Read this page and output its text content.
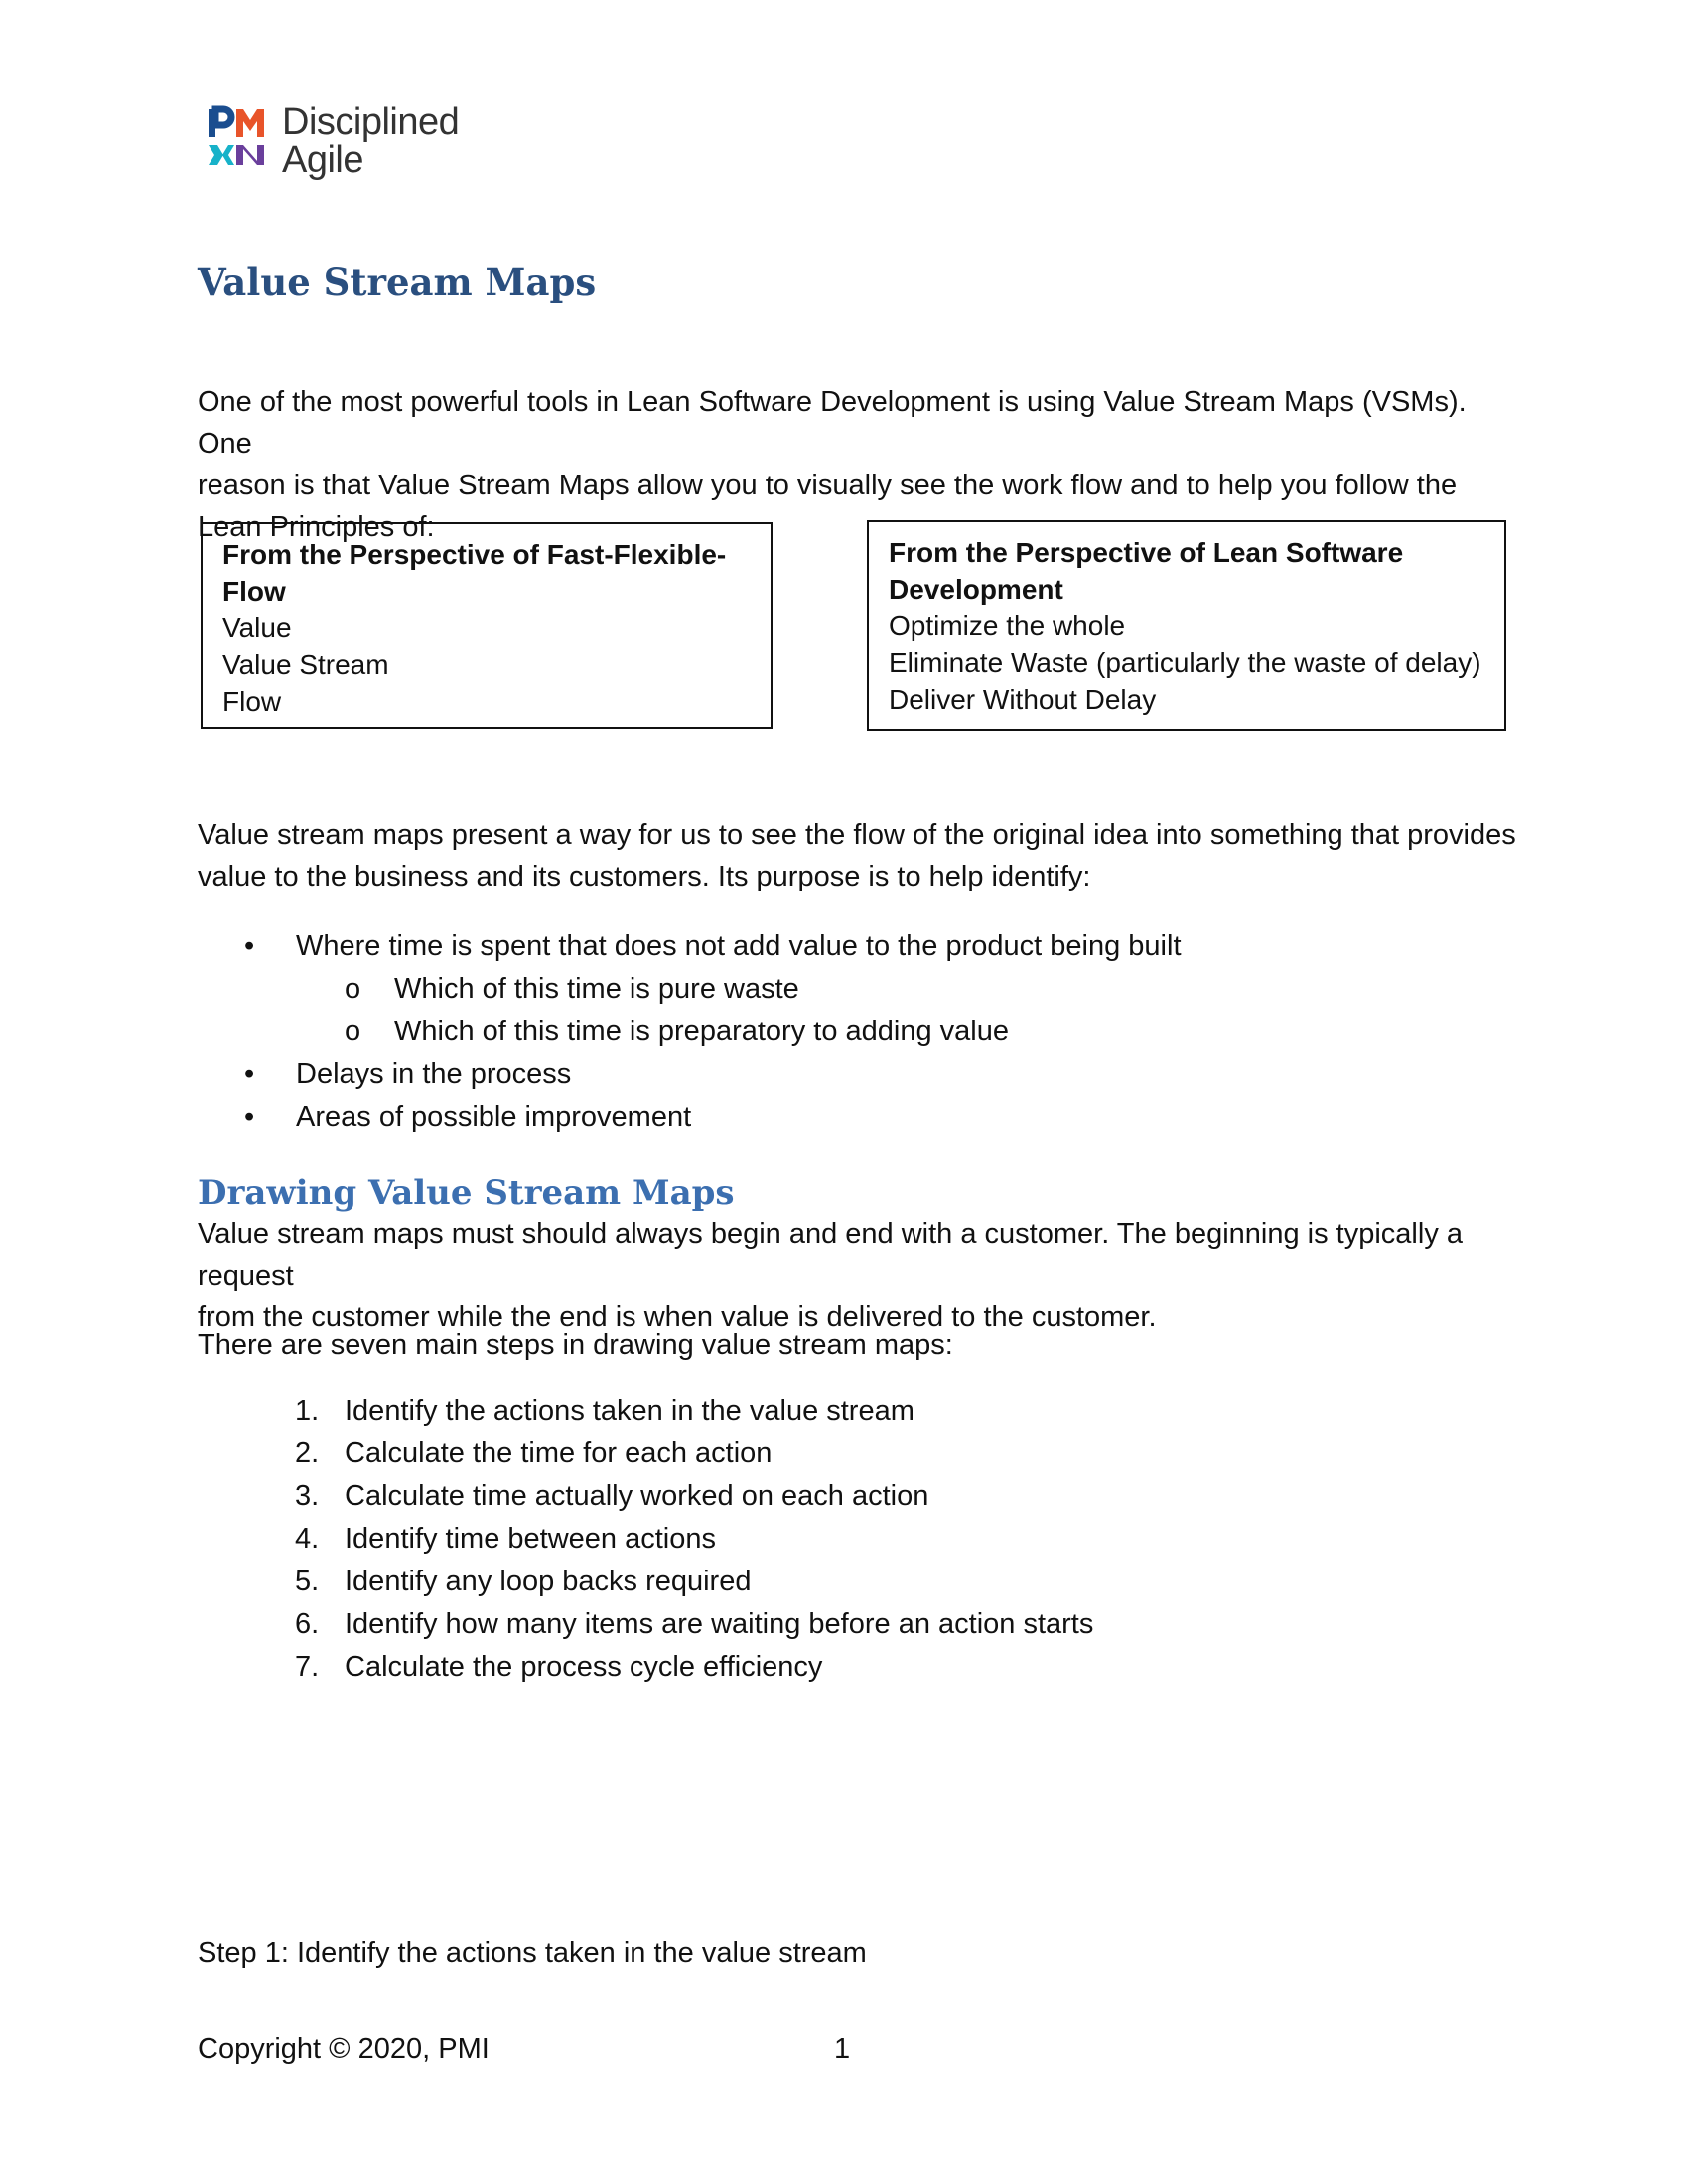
Disciplined
Agile
Value Stream Maps
One of the most powerful tools in Lean Software Development is using Value Stream Maps (VSMs). One
reason is that Value Stream Maps allow you to visually see the work flow and to help you follow the
Lean Principles of:
From the Perspective of Fast-Flexible-
Flow
Value
Value Stream
Flow
From the Perspective of Lean Software
Development
Optimize the whole
Eliminate Waste (particularly the waste of delay)
Deliver Without Delay
Value stream maps present a way for us to see the flow of the original idea into something that provides
value to the business and its customers. Its purpose is to help identify:
• Where time is spent that does not add value to the product being built
o Which of this time is pure waste
o Which of this time is preparatory to adding value
• Delays in the process
• Areas of possible improvement
Drawing Value Stream Maps
Value stream maps must should always begin and end with a customer. The beginning is typically a request
from the customer while the end is when value is delivered to the customer.
There are seven main steps in drawing value stream maps:
1. Identify the actions taken in the value stream
2. Calculate the time for each action
3. Calculate time actually worked on each action
4. Identify time between actions
5. Identify any loop backs required
6. Identify how many items are waiting before an action starts
7. Calculate the process cycle efficiency
Step 1: Identify the actions taken in the value stream
Copyright © 2020, PMI	1
